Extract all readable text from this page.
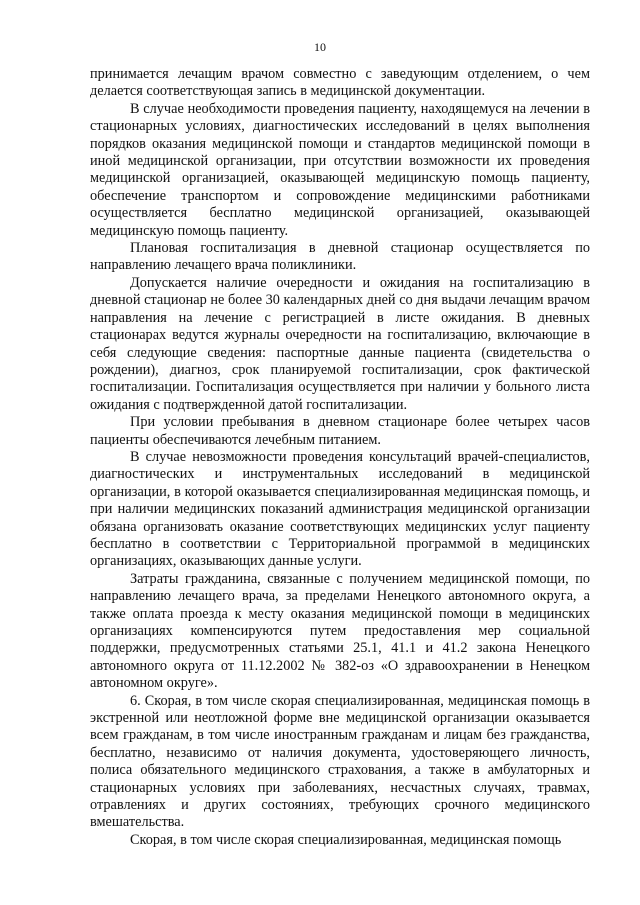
10

принимается лечащим врачом совместно с заведующим отделением, о чем делается соответствующая запись в медицинской документации.

В случае необходимости проведения пациенту, находящемуся на лечении в стационарных условиях, диагностических исследований в целях выполнения порядков оказания медицинской помощи и стандартов медицинской помощи в иной медицинской организации, при отсутствии возможности их проведения медицинской организацией, оказывающей медицинскую помощь пациенту, обеспечение транспортом и сопровождение медицинскими работниками осуществляется бесплатно медицинской организацией, оказывающей медицинскую помощь пациенту.

Плановая госпитализация в дневной стационар осуществляется по направлению лечащего врача поликлиники.

Допускается наличие очередности и ожидания на госпитализацию в дневной стационар не более 30 календарных дней со дня выдачи лечащим врачом направления на лечение с регистрацией в листе ожидания. В дневных стационарах ведутся журналы очередности на госпитализацию, включающие в себя следующие сведения: паспортные данные пациента (свидетельства о рождении), диагноз, срок планируемой госпитализации, срок фактической госпитализации. Госпитализация осуществляется при наличии у больного листа ожидания с подтвержденной датой госпитализации.

При условии пребывания в дневном стационаре более четырех часов пациенты обеспечиваются лечебным питанием.

В случае невозможности проведения консультаций врачей-специалистов, диагностических и инструментальных исследований в медицинской организации, в которой оказывается специализированная медицинская помощь, и при наличии медицинских показаний администрация медицинской организации обязана организовать оказание соответствующих медицинских услуг пациенту бесплатно в соответствии с Территориальной программой в медицинских организациях, оказывающих данные услуги.

Затраты гражданина, связанные с получением медицинской помощи, по направлению лечащего врача, за пределами Ненецкого автономного округа, а также оплата проезда к месту оказания медицинской помощи в медицинских организациях компенсируются путем предоставления мер социальной поддержки, предусмотренных статьями 25.1, 41.1 и 41.2 закона Ненецкого автономного округа от 11.12.2002 № 382-оз «О здравоохранении в Ненецком автономном округе».

6. Скорая, в том числе скорая специализированная, медицинская помощь в экстренной или неотложной форме вне медицинской организации оказывается всем гражданам, в том числе иностранным гражданам и лицам без гражданства, бесплатно, независимо от наличия документа, удостоверяющего личность, полиса обязательного медицинского страхования, а также в амбулаторных и стационарных условиях при заболеваниях, несчастных случаях, травмах, отравлениях и других состояниях, требующих срочного медицинского вмешательства.

Скорая, в том числе скорая специализированная, медицинская помощь
